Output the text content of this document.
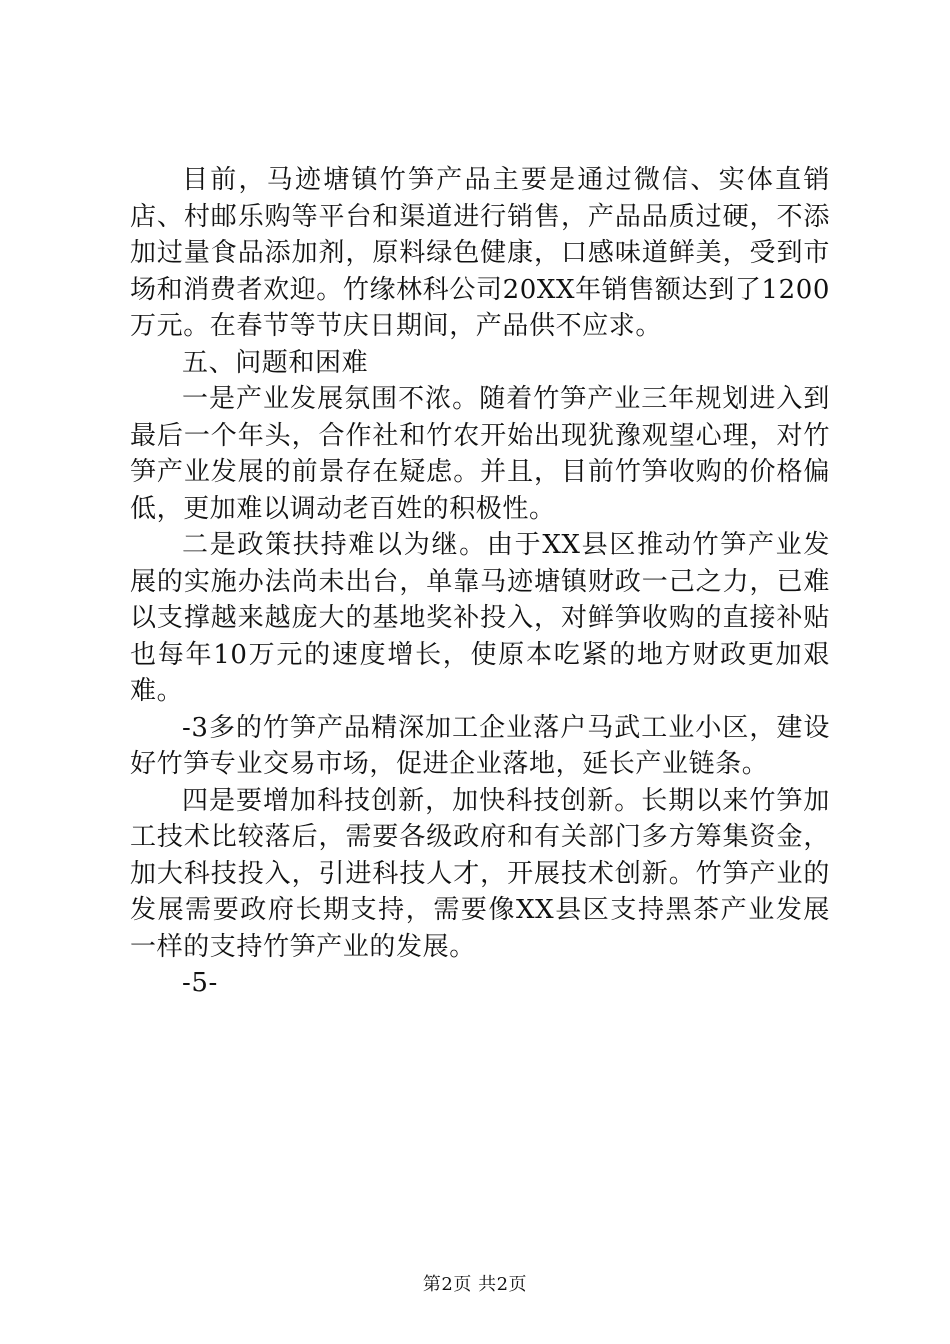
目前，马迹塘镇竹笋产品主要是通过微信、实体直销店、村邮乐购等平台和渠道进行销售，产品品质过硬，不添加过量食品添加剂，原料绿色健康，口感味道鲜美，受到市场和消费者欢迎。竹缘林科公司20XX年销售额达到了1200万元。在春节等节庆日期间，产品供不应求。

五、问题和困难

一是产业发展氛围不浓。随着竹笋产业三年规划进入到最后一个年头，合作社和竹农开始出现犹豫观望心理，对竹笋产业发展的前景存在疑虑。并且，目前竹笋收购的价格偏低，更加难以调动老百姓的积极性。

二是政策扶持难以为继。由于XX县区推动竹笋产业发展的实施办法尚未出台，单靠马迹塘镇财政一己之力，已难以支撑越来越庞大的基地奖补投入，对鲜笋收购的直接补贴也每年10万元的速度增长，使原本吃紧的地方财政更加艰难。

-3多的竹笋产品精深加工企业落户马武工业小区，建设好竹笋专业交易市场，促进企业落地，延长产业链条。

四是要增加科技创新，加快科技创新。长期以来竹笋加工技术比较落后，需要各级政府和有关部门多方筹集资金，加大科技投入，引进科技人才，开展技术创新。竹笋产业的发展需要政府长期支持，需要像XX县区支持黑茶产业发展一样的支持竹笋产业的发展。

-5-

第2页 共2页
